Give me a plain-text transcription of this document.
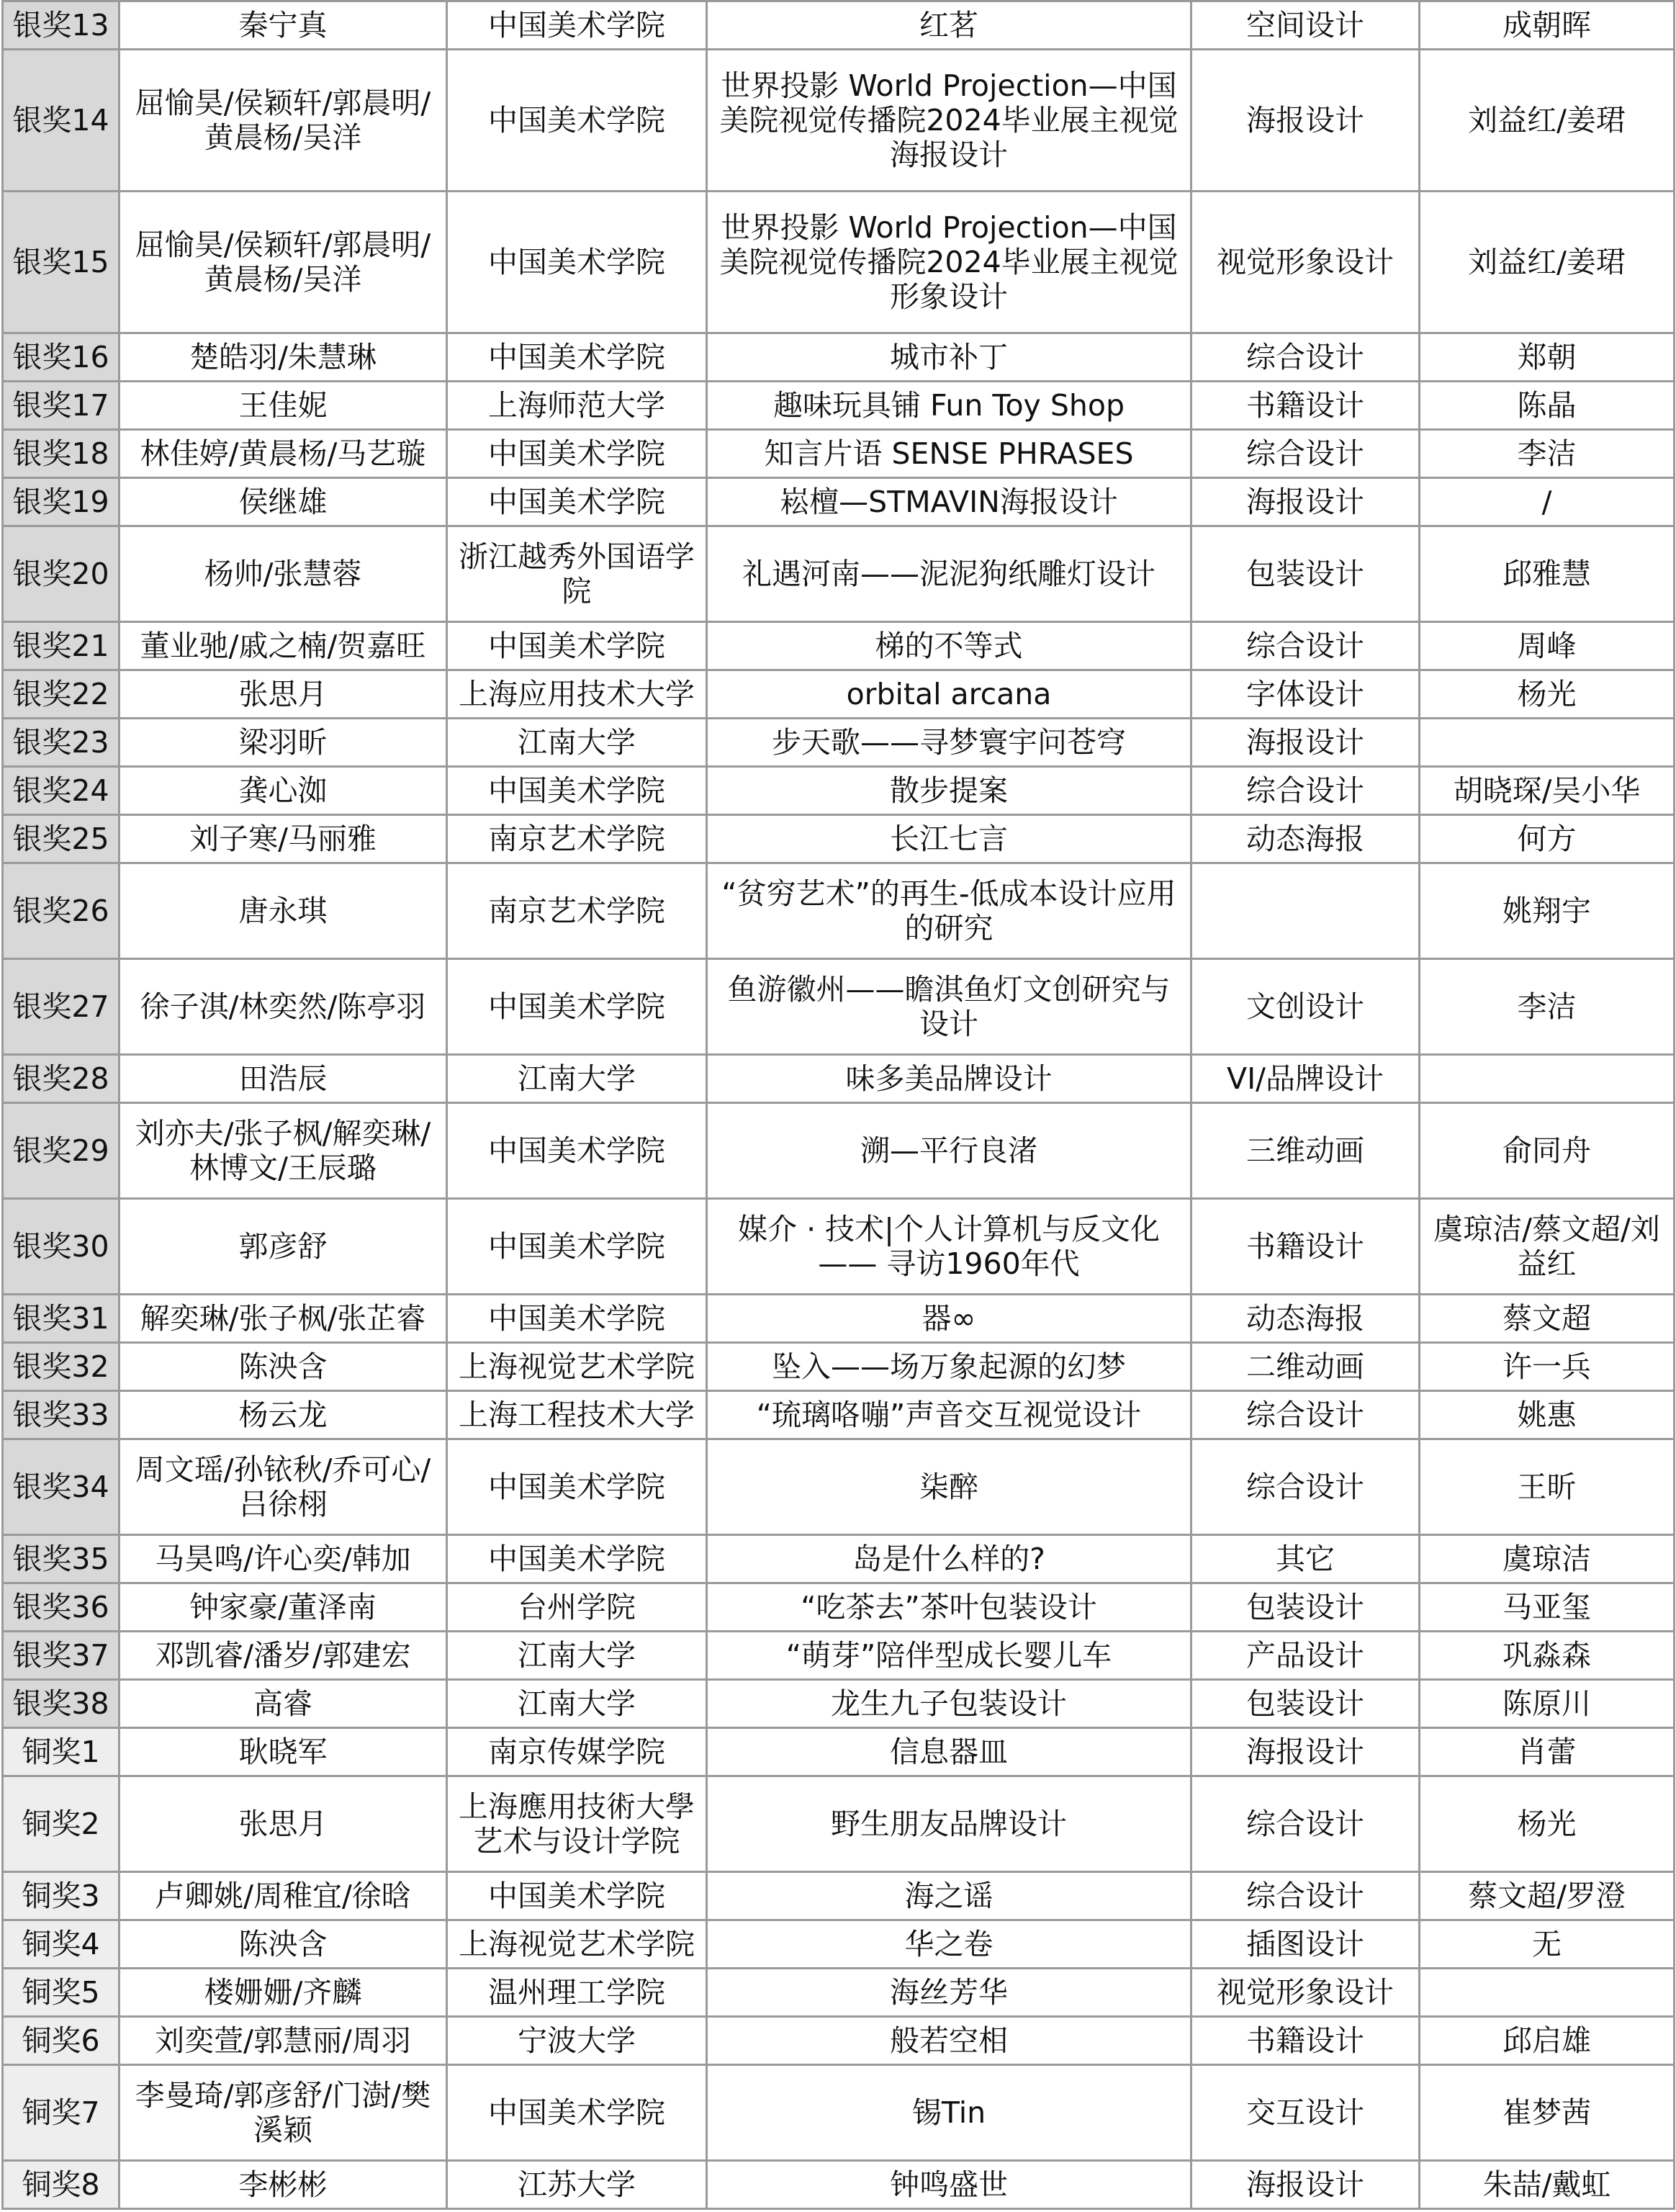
银奖13	秦宁真	中国美术学院	红茗	空间设计	成朝晖
银奖14	屈愉昊/侯颖轩/郭晨明/黄晨杨/吴洋	中国美术学院	世界投影 World Projection—中国美院视觉传播院2024毕业展主视觉海报设计	海报设计	刘益红/姜珺
银奖15	屈愉昊/侯颖轩/郭晨明/黄晨杨/吴洋	中国美术学院	世界投影 World Projection—中国美院视觉传播院2024毕业展主视觉形象设计	视觉形象设计	刘益红/姜珺
银奖16	楚皓羽/朱慧琳	中国美术学院	城市补丁	综合设计	郑朝
银奖17	王佳妮	上海师范大学	趣味玩具铺 Fun Toy Shop	书籍设计	陈晶
银奖18	林佳婷/黄晨杨/马艺璇	中国美术学院	知言片语 SENSE PHRASES	综合设计	李洁
银奖19	侯继雄	中国美术学院	崧檀—STMAVIN海报设计	海报设计	/
银奖20	杨帅/张慧蓉	浙江越秀外国语学院	礼遇河南——泥泥狗纸雕灯设计	包装设计	邱雅慧
银奖21	董业驰/戚之楠/贺嘉旺	中国美术学院	梯的不等式	综合设计	周峰
银奖22	张思月	上海应用技术大学	orbital arcana	字体设计	杨光
银奖23	梁羽昕	江南大学	步天歌——寻梦寰宇问苍穹	海报设计	
银奖24	龚心洳	中国美术学院	散步提案	综合设计	胡晓琛/吴小华
银奖25	刘子寒/马丽雅	南京艺术学院	长江七言	动态海报	何方
银奖26	唐永琪	南京艺术学院	“贫穷艺术”的再生-低成本设计应用的研究		姚翔宇
银奖27	徐子淇/林奕然/陈亭羽	中国美术学院	鱼游徽州——瞻淇鱼灯文创研究与设计	文创设计	李洁
银奖28	田浩辰	江南大学	味多美品牌设计	VI/品牌设计	
银奖29	刘亦夫/张子枫/解奕琳/林博文/王辰璐	中国美术学院	溯—平行良渚	三维动画	俞同舟
银奖30	郭彦舒	中国美术学院	媒介 · 技术|个人计算机与反文化 —— 寻访1960年代	书籍设计	虞琼洁/蔡文超/刘益红
银奖31	解奕琳/张子枫/张芷睿	中国美术学院	器∞	动态海报	蔡文超
银奖32	陈泱含	上海视觉艺术学院	坠入——场万象起源的幻梦	二维动画	许一兵
银奖33	杨云龙	上海工程技术大学	“琉璃咯嘣”声音交互视觉设计	综合设计	姚惠
银奖34	周文瑶/孙铱秋/乔可心/吕徐栩	中国美术学院	柒醉	综合设计	王昕
银奖35	马昊鸣/许心奕/韩加	中国美术学院	岛是什么样的?	其它	虞琼洁
银奖36	钟家豪/董泽南	台州学院	“吃茶去”茶叶包装设计	包装设计	马亚玺
银奖37	邓凯睿/潘岁/郭建宏	江南大学	“萌芽”陪伴型成长婴儿车	产品设计	巩淼森
银奖38	高睿	江南大学	龙生九子包装设计	包装设计	陈原川
铜奖1	耿晓军	南京传媒学院	信息器皿	海报设计	肖蕾
铜奖2	张思月	上海應用技術大學艺术与设计学院	野生朋友品牌设计	综合设计	杨光
铜奖3	卢卿姚/周稚宜/徐晗	中国美术学院	海之谣	综合设计	蔡文超/罗澄
铜奖4	陈泱含	上海视觉艺术学院	华之卷	插图设计	无
铜奖5	楼姗姗/齐麟	温州理工学院	海丝芳华	视觉形象设计	
铜奖6	刘奕萱/郭慧丽/周羽	宁波大学	般若空相	书籍设计	邱启雄
铜奖7	李曼琦/郭彦舒/门澍/樊溪颖	中国美术学院	锡Tin	交互设计	崔梦茜
铜奖8	李彬彬	江苏大学	钟鸣盛世	海报设计	朱喆/戴虹
